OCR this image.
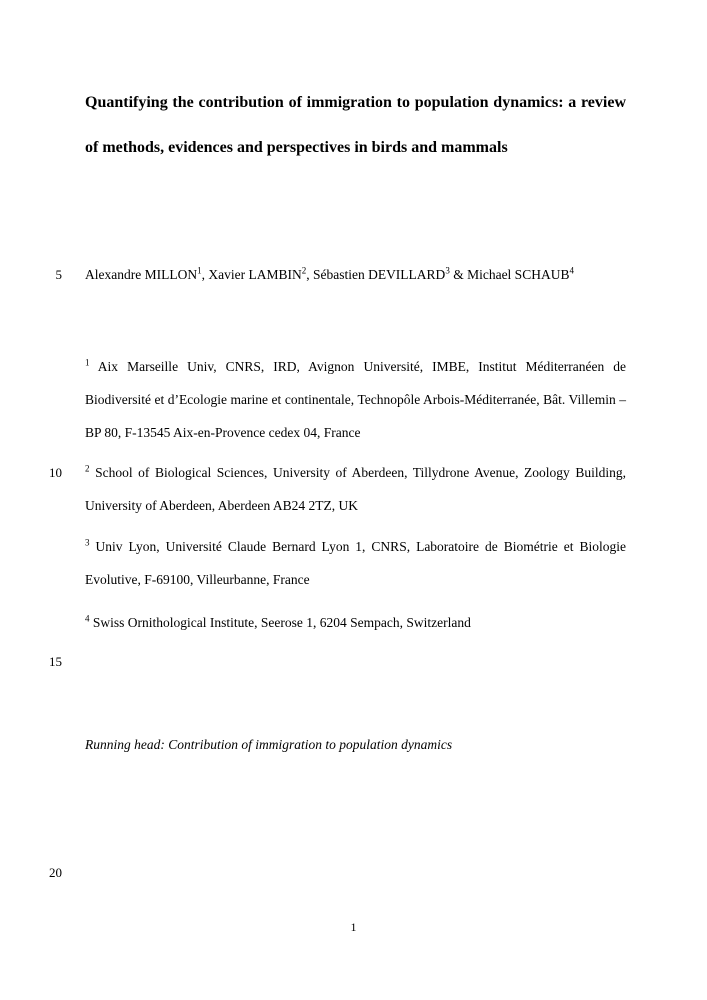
5
10
15
20
Quantifying the contribution of immigration to population dynamics: a review of methods, evidences and perspectives in birds and mammals

Alexandre MILLON$^1$, Xavier LAMBIN$^2$, Sébastien DEVILLARD$^3$ & Michael SCHAUB$^4$

$^1$ Aix Marseille Univ, CNRS, IRD, Avignon Université, IMBE, Institut Méditerranéen de Biodiversité et d’Ecologie marine et continentale, Technopôle Arbois-Méditerranée, Bât. Villemin – BP 80, F-13545 Aix-en-Provence cedex 04, France

$^2$ School of Biological Sciences, University of Aberdeen, Tillydrone Avenue, Zoology Building, University of Aberdeen, Aberdeen AB24 2TZ, UK

$^3$ Univ Lyon, Université Claude Bernard Lyon 1, CNRS, Laboratoire de Biométrie et Biologie Evolutive, F-69100, Villeurbanne, France

$^4$ Swiss Ornithological Institute, Seerose 1, 6204 Sempach, Switzerland

Running head: Contribution of immigration to population dynamics

1
